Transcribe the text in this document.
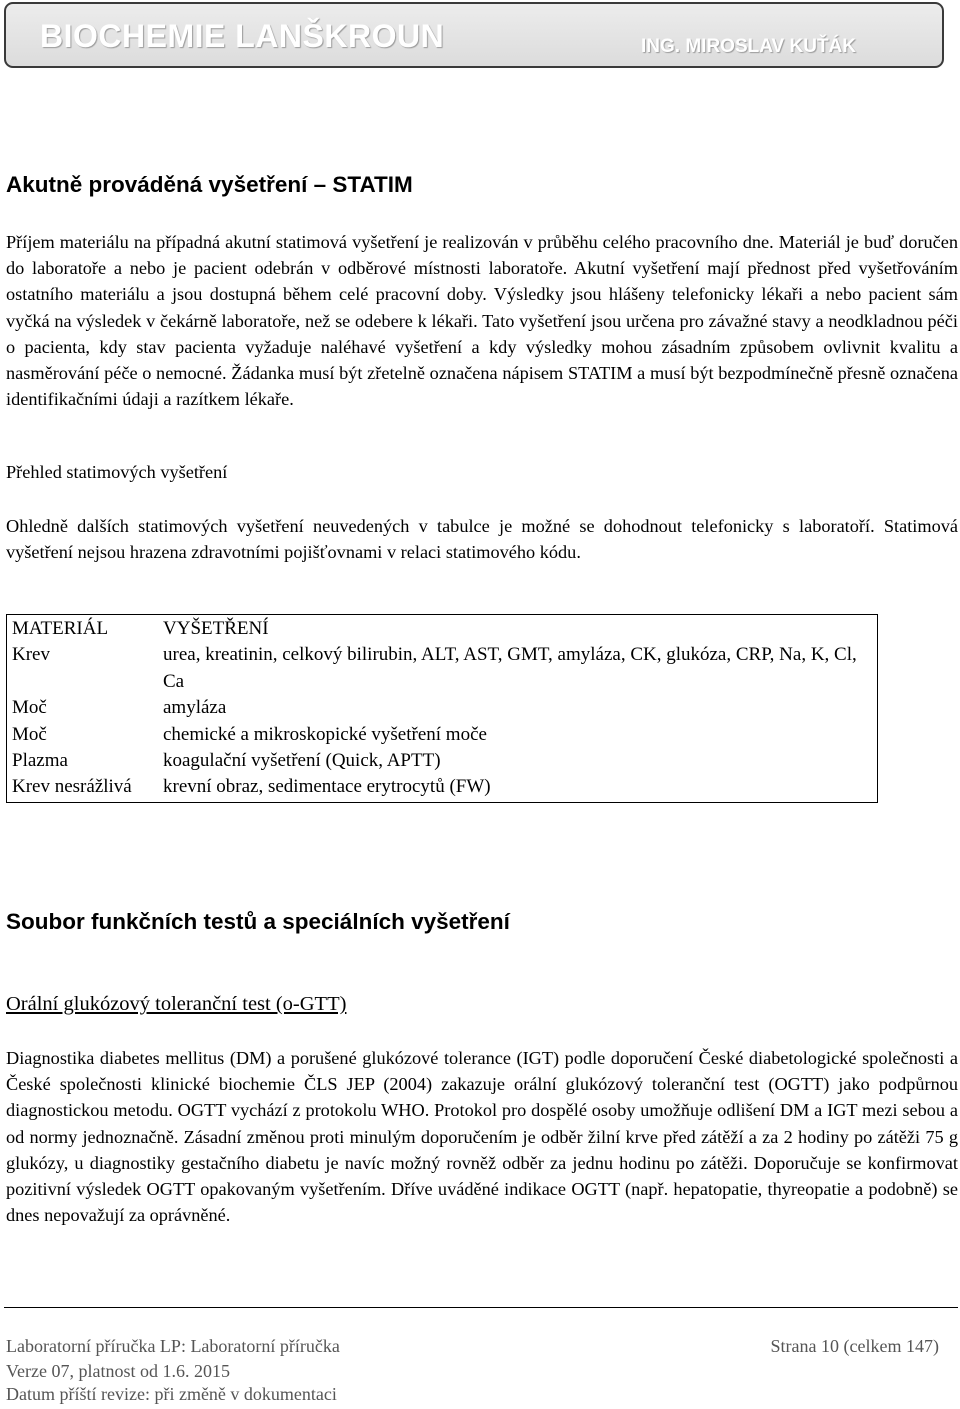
BIOCHEMIE LANŠKROUN	ING. MIROSLAV KUŤÁK
Akutně prováděná vyšetření – STATIM

Příjem materiálu na případná akutní statimová vyšetření je realizován v průběhu celého pracovního dne. Materiál je buď doručen do laboratoře a nebo je pacient odebrán v odběrové místnosti laboratoře. Akutní vyšetření mají přednost před vyšetřováním ostatního materiálu a jsou dostupná během celé pracovní doby. Výsledky jsou hlášeny telefonicky lékaři a nebo pacient sám vyčká na výsledek v čekárně laboratoře, než se odebere k lékaři. Tato vyšetření jsou určena pro závažné stavy a neodkladnou péči o pacienta, kdy stav pacienta vyžaduje naléhavé vyšetření a kdy výsledky mohou zásadním způsobem ovlivnit kvalitu a nasměrování péče o nemocné. Žádanka musí být zřetelně označena nápisem STATIM a musí být bezpodmínečně přesně označena identifikačními údaji a razítkem lékaře.

Přehled statimových vyšetření

Ohledně dalších statimových vyšetření neuvedených v tabulce je možné se dohodnout telefonicky s laboratoří. Statimová vyšetření nejsou hrazena zdravotními pojišťovnami v relaci statimového kódu.

MATERIÁL	VYŠETŘENÍ
Krev	urea, kreatinin, celkový bilirubin, ALT, AST, GMT, amyláza, CK, glukóza, CRP, Na, K, Cl, Ca
Moč	amyláza
Moč	chemické a mikroskopické vyšetření moče
Plazma	koagulační vyšetření (Quick, APTT)
Krev nesrážlivá	krevní obraz, sedimentace erytrocytů (FW)
Soubor funkčních testů a speciálních vyšetření
Orální glukózový toleranční test (o-GTT)

Diagnostika diabetes mellitus (DM) a porušené glukózové tolerance (IGT) podle doporučení České diabetologické společnosti a České společnosti klinické biochemie ČLS JEP (2004) zakazuje orální glukózový toleranční test (OGTT) jako podpůrnou diagnostickou metodu. OGTT vychází z protokolu WHO. Protokol pro dospělé osoby umožňuje odlišení DM a IGT mezi sebou a od normy jednoznačně. Zásadní změnou proti minulým doporučením je odběr žilní krve před zátěží a za 2 hodiny po zátěži 75 g glukózy, u diagnostiky gestačního diabetu je navíc možný rovněž odběr za jednu hodinu po zátěži. Doporučuje se konfirmovat pozitivní výsledek OGTT opakovaným vyšetřením. Dříve uváděné indikace OGTT (např. hepatopatie, thyreopatie a podobně) se dnes nepovažují za oprávněné.

Laboratorní příručka LP: Laboratorní příručka	Strana 10 (celkem 147)
Verze 07, platnost od 1.6. 2015
Datum příští revize: při změně v dokumentaci
